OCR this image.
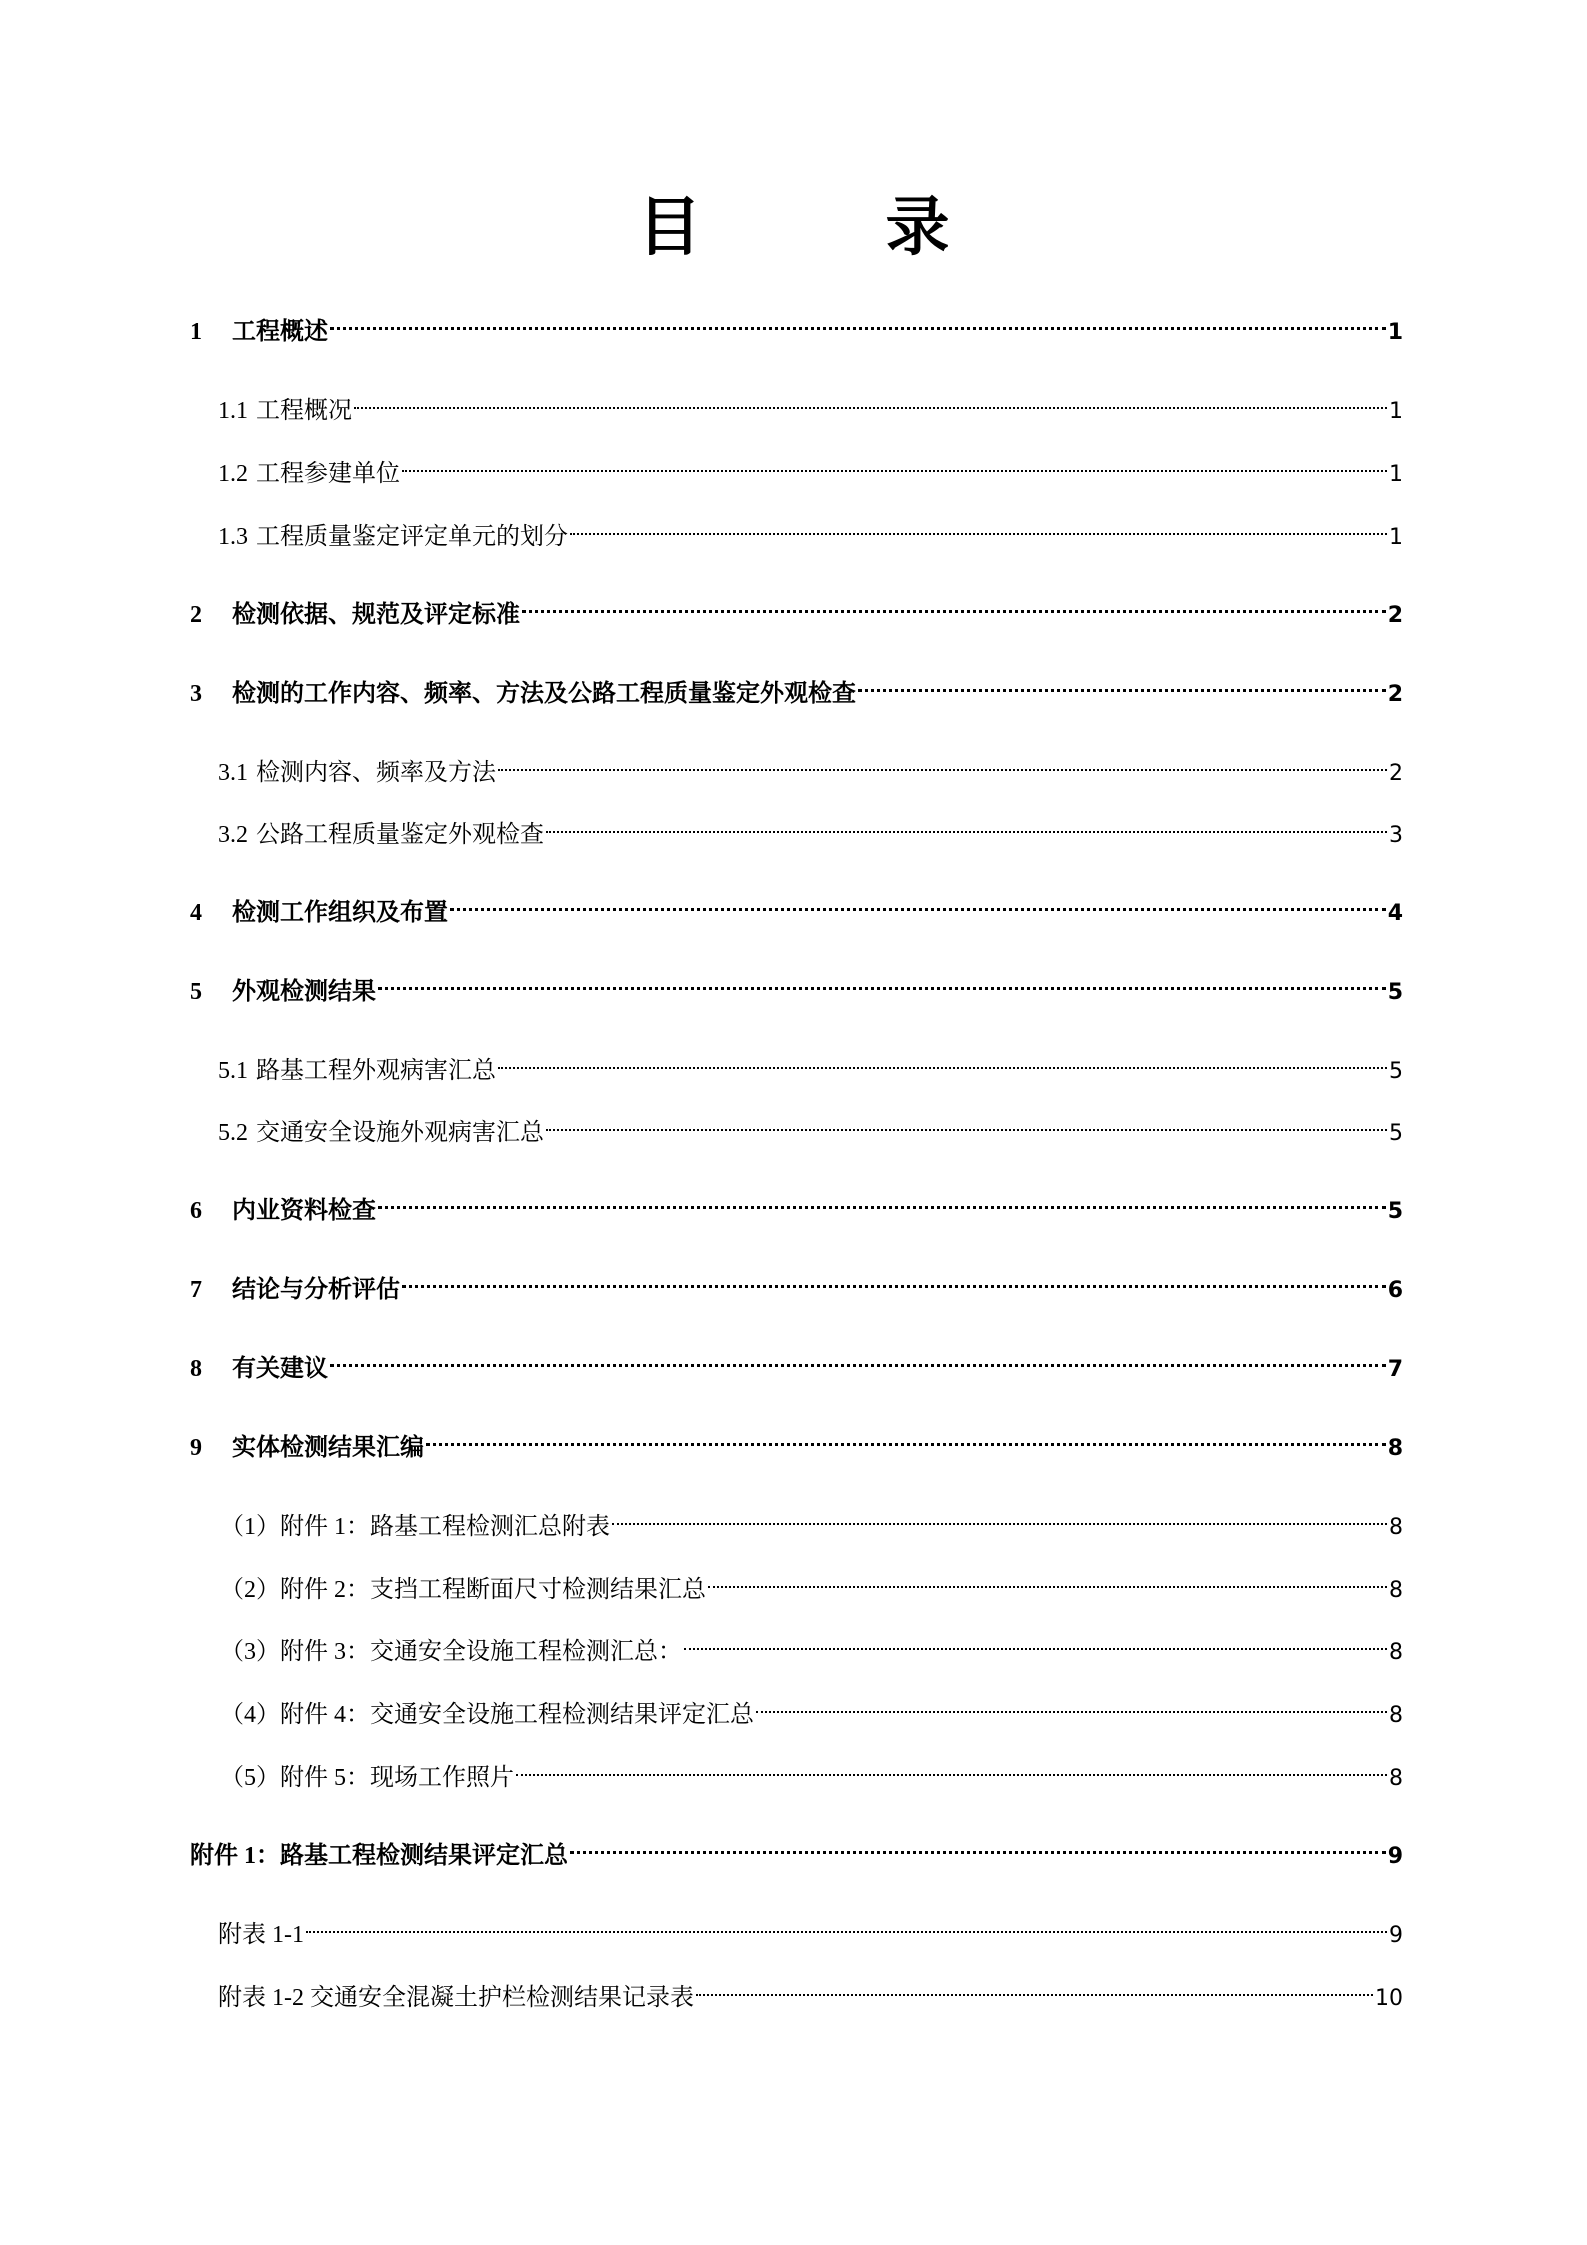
目　录
1	工程概述	1
1.1 工程概况	1
1.2 工程参建单位	1
1.3 工程质量鉴定评定单元的划分	1
2	检测依据、规范及评定标准	2
3	检测的工作内容、频率、方法及公路工程质量鉴定外观检查	2
3.1 检测内容、频率及方法	2
3.2 公路工程质量鉴定外观检查	3
4	检测工作组织及布置	4
5	外观检测结果	5
5.1 路基工程外观病害汇总	5
5.2 交通安全设施外观病害汇总	5
6	内业资料检查	5
7	结论与分析评估	6
8	有关建议	7
9	实体检测结果汇编	8
（1）附件 1：路基工程检测汇总附表	8
（2）附件 2：支挡工程断面尺寸检测结果汇总	8
（3）附件 3：交通安全设施工程检测汇总：	8
（4）附件 4：交通安全设施工程检测结果评定汇总	8
（5）附件 5：现场工作照片	8
附件 1：路基工程检测结果评定汇总	9
附表 1-1	9
附表 1-2 交通安全混凝土护栏检测结果记录表	10
